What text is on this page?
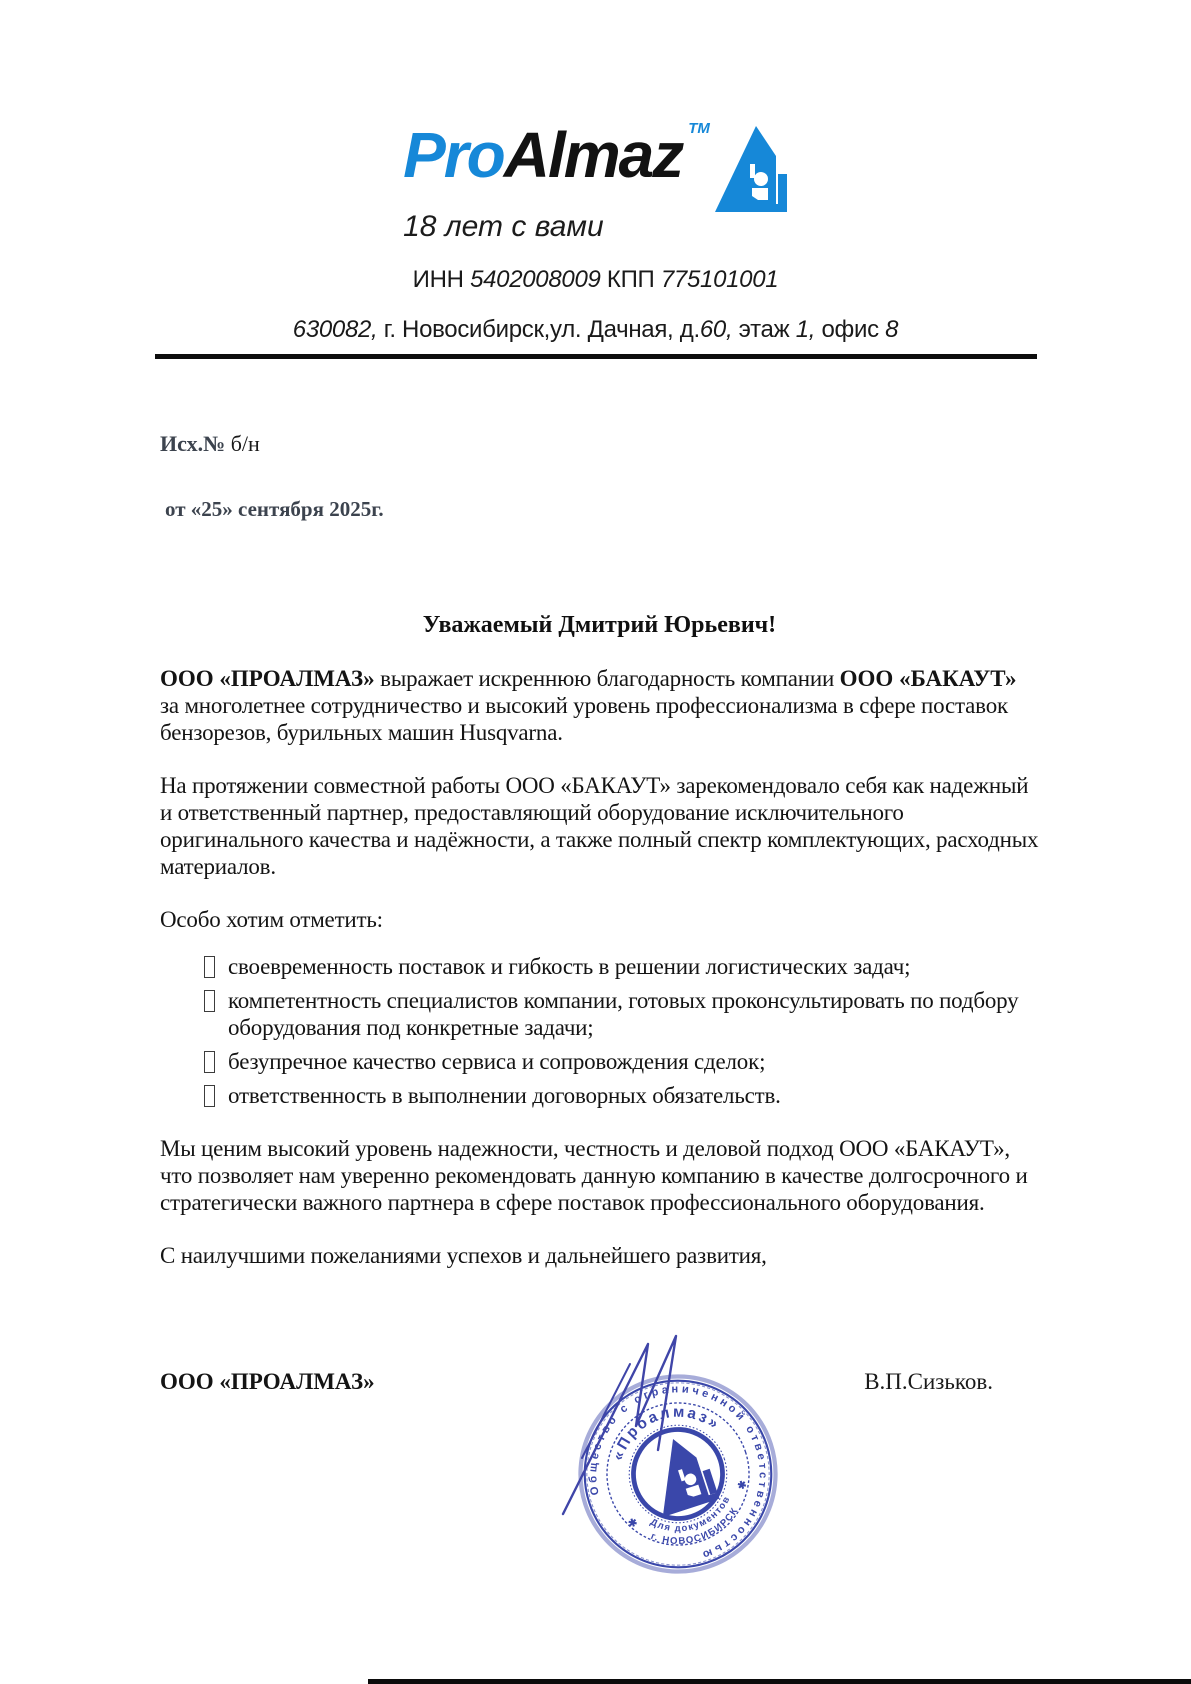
ProAlmaz TM
18 лет с вами
ИНН 5402008009 КПП 775101001
630082, г. Новосибирск,ул. Дачная, д.60, этаж 1, офис 8
Исх.№ б/н
от «25» сентября 2025г.
Уважаемый Дмитрий Юрьевич!

ООО «ПРОАЛМАЗ» выражает искреннюю благодарность компании ООО «БАКАУТ» за многолетнее сотрудничество и высокий уровень профессионализма в сфере поставок бензорезов, бурильных машин Husqvarna.

На протяжении совместной работы ООО «БАКАУТ» зарекомендовало себя как надежный и ответственный партнер, предоставляющий оборудование исключительного оригинального качества и надёжности, а также полный спектр комплектующих, расходных материалов.

Особо хотим отметить:

своевременность поставок и гибкость в решении логистических задач;
компетентность специалистов компании, готовых проконсультировать по подбору оборудования под конкретные задачи;
безупречное качество сервиса и сопровождения сделок;
ответственность в выполнении договорных обязательств.

Мы ценим высокий уровень надежности, честность и деловой подход ООО «БАКАУТ», что позволяет нам уверенно рекомендовать данную компанию в качестве долгосрочного и стратегически важного партнера в сфере поставок профессионального оборудования.

С наилучшими пожеланиями успехов и дальнейшего развития,

ООО «ПРОАЛМАЗ»	В.П.Сизьков.
Общество с ограниченной ответственностью
«Проалмаз»
Для документов
г. НОВОСИБИРСК
✱
✱
